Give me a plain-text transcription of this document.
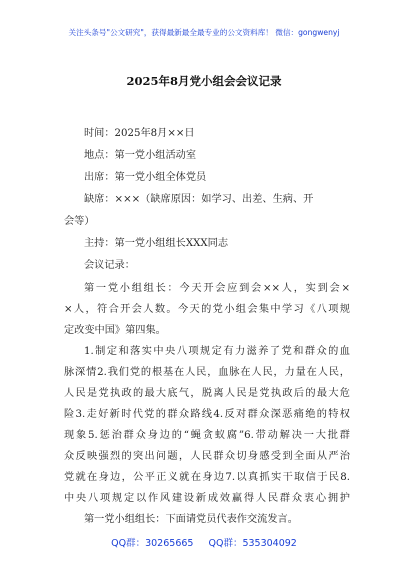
关注头条号"公文研究"，获得最新最全最专业的公文资料库！ 微信：gongwenyj
2025年8月党小组会会议记录
时间：2025年8月××日
地点：第一党小组活动室
出席：第一党小组全体党员
缺席：×××（缺席原因：如学习、出差、生病、开
会等）
主持：第一党小组组长XXX同志
会议记录：
第一党小组组长：今天开会应到会××人，实到会×
×人，符合开会人数。今天的党小组会集中学习《八项规
定改变中国》第四集。
1.制定和落实中央八项规定有力滋养了党和群众的血
脉深情2.我们党的根基在人民，血脉在人民，力量在人民，
人民是党执政的最大底气，脱离人民是党执政后的最大危
险3.走好新时代党的群众路线4.反对群众深恶痛绝的特权
现象5.惩治群众身边的“蝇贪蚁腐”6.带动解决一大批群
众反映强烈的突出问题，人民群众切身感受到全面从严治
党就在身边，公平正义就在身边7.以真抓实干取信于民8.
QQ群：30265665 QQ群：535304092
中央八项规定以作风建设新成效赢得人民群众衷心拥护
第一党小组组长：下面请党员代表作交流发言。
